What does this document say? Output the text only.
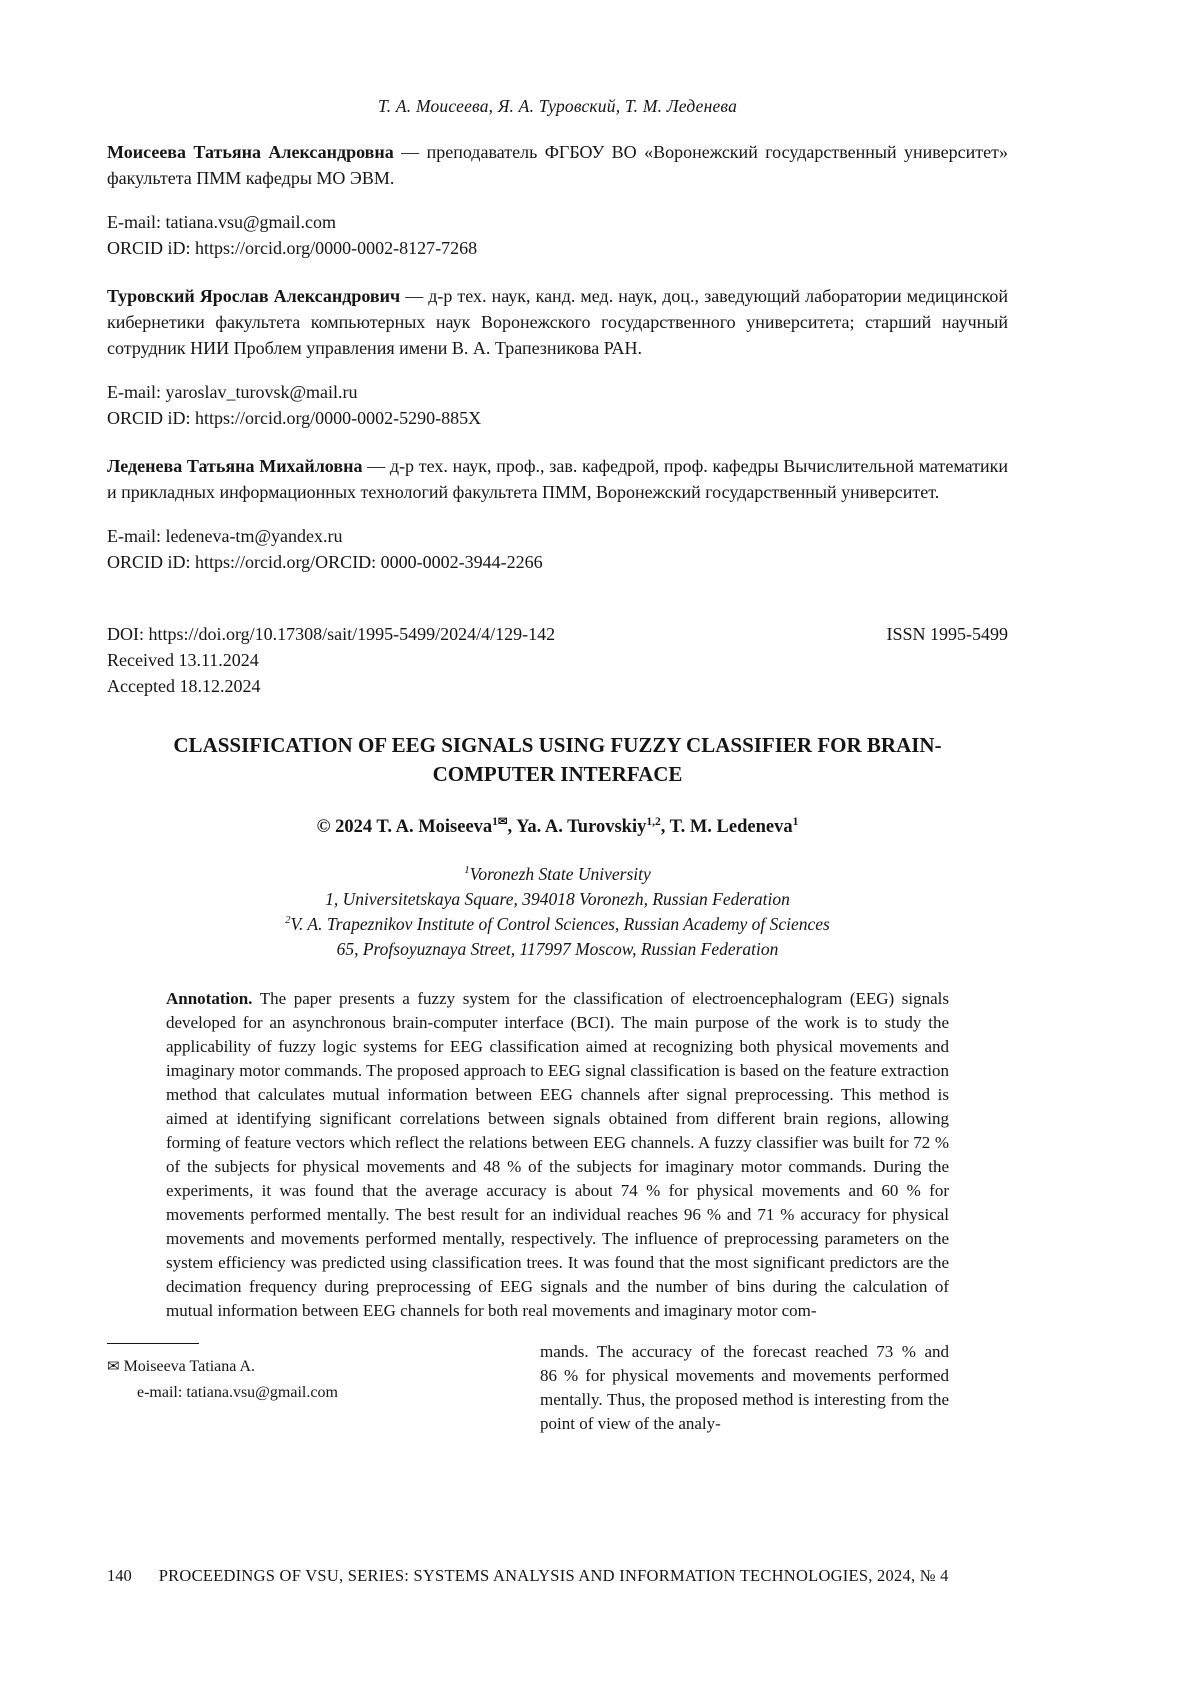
Т. А. Моисеева, Я. А. Туровский, Т. М. Леденева

Моисеева Татьяна Александровна — преподаватель ФГБОУ ВО «Воронежский государственный университет» факультета ПММ кафедры МО ЭВМ.

E-mail: tatiana.vsu@gmail.com
ORCID iD: https://orcid.org/0000-0002-8127-7268

Туровский Ярослав Александрович — д-р тех. наук, канд. мед. наук, доц., заведующий лаборатории медицинской кибернетики факультета компьютерных наук Воронежского государственного университета; старший научный сотрудник НИИ Проблем управления имени В. А. Трапезникова РАН.

E-mail: yaroslav_turovsk@mail.ru
ORCID iD: https://orcid.org/0000-0002-5290-885X

Леденева Татьяна Михайловна — д-р тех. наук, проф., зав. кафедрой, проф. кафедры Вычислительной математики и прикладных информационных технологий факультета ПММ, Воронежский государственный университет.

E-mail: ledeneva-tm@yandex.ru
ORCID iD: https://orcid.org/ORCID: 0000-0002-3944-2266
DOI: https://doi.org/10.17308/sait/1995-5499/2024/4/129-142	ISSN 1995-5499
Received 13.11.2024
Accepted 18.12.2024
CLASSIFICATION OF EEG SIGNALS USING FUZZY CLASSIFIER FOR BRAIN-COMPUTER INTERFACE
© 2024 T. A. Moiseeva$^{1✉}$, Ya. A. Turovskiy$^{1,2}$, T. M. Ledeneva$^1$
$^1$Voronezh State University
1, Universitetskaya Square, 394018 Voronezh, Russian Federation
$^2$V. A. Trapeznikov Institute of Control Sciences, Russian Academy of Sciences
65, Profsoyuznaya Street, 117997 Moscow, Russian Federation

Annotation. The paper presents a fuzzy system for the classification of electroencephalogram (EEG) signals developed for an asynchronous brain-computer interface (BCI). The main purpose of the work is to study the applicability of fuzzy logic systems for EEG classification aimed at recognizing both physical movements and imaginary motor commands. The proposed approach to EEG signal classification is based on the feature extraction method that calculates mutual information between EEG channels after signal preprocessing. This method is aimed at identifying significant correlations between signals obtained from different brain regions, allowing forming of feature vectors which reflect the relations between EEG channels. A fuzzy classifier was built for 72 % of the subjects for physical movements and 48 % of the subjects for imaginary motor commands. During the experiments, it was found that the average accuracy is about 74 % for physical movements and 60 % for movements performed mentally. The best result for an individual reaches 96 % and 71 % accuracy for physical movements and movements performed mentally, respectively. The influence of preprocessing parameters on the system efficiency was predicted using classification trees. It was found that the most significant predictors are the decimation frequency during preprocessing of EEG signals and the number of bins during the calculation of mutual information between EEG channels for both real movements and imaginary motor com-

✉ Moiseeva Tatiana A.
e-mail: tatiana.vsu@gmail.com

mands. The accuracy of the forecast reached 73 % and 86 % for physical movements and movements performed mentally. Thus, the proposed method is interesting from the point of view of the analy-

140 PROCEEDINGS OF VSU, SERIES: SYSTEMS ANALYSIS AND INFORMATION TECHNOLOGIES, 2024, № 4
